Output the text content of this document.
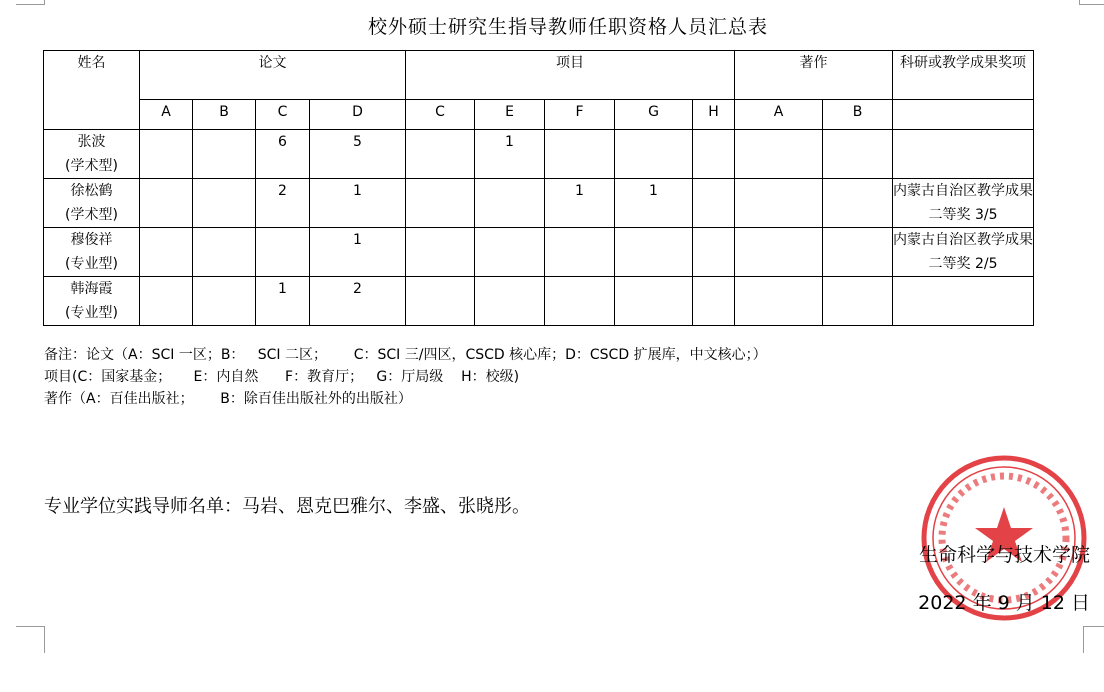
校外硕士研究生指导教师任职资格人员汇总表
姓名	论文				项目					著作		科研或教学成果奖项
	A	B	C	D	C	E	F	G	H	A	B	

张波
(学术型)			6	5		1						

徐松鹤
(学术型)			2	1			1	1				内蒙古自治区教学成果二等奖 3/5

穆俊祥
(专业型)				1								内蒙古自治区教学成果二等奖 2/5

韩海霞
(专业型)			1	2								
备注：论文（A：SCI 一区；B：   SCI 二区；      C：SCI 三/四区，CSCD 核心库；D：CSCD 扩展库，中文核心；）
项目(C：国家基金；     E：内自然      F：教育厅；   G：厅局级    H：校级)
著作（A：百佳出版社；      B：除百佳出版社外的出版社）
专业学位实践导师名单：马岩、恩克巴雅尔、李盛、张晓彤。
生命科学与技术学院
2022 年 9 月 12 日
